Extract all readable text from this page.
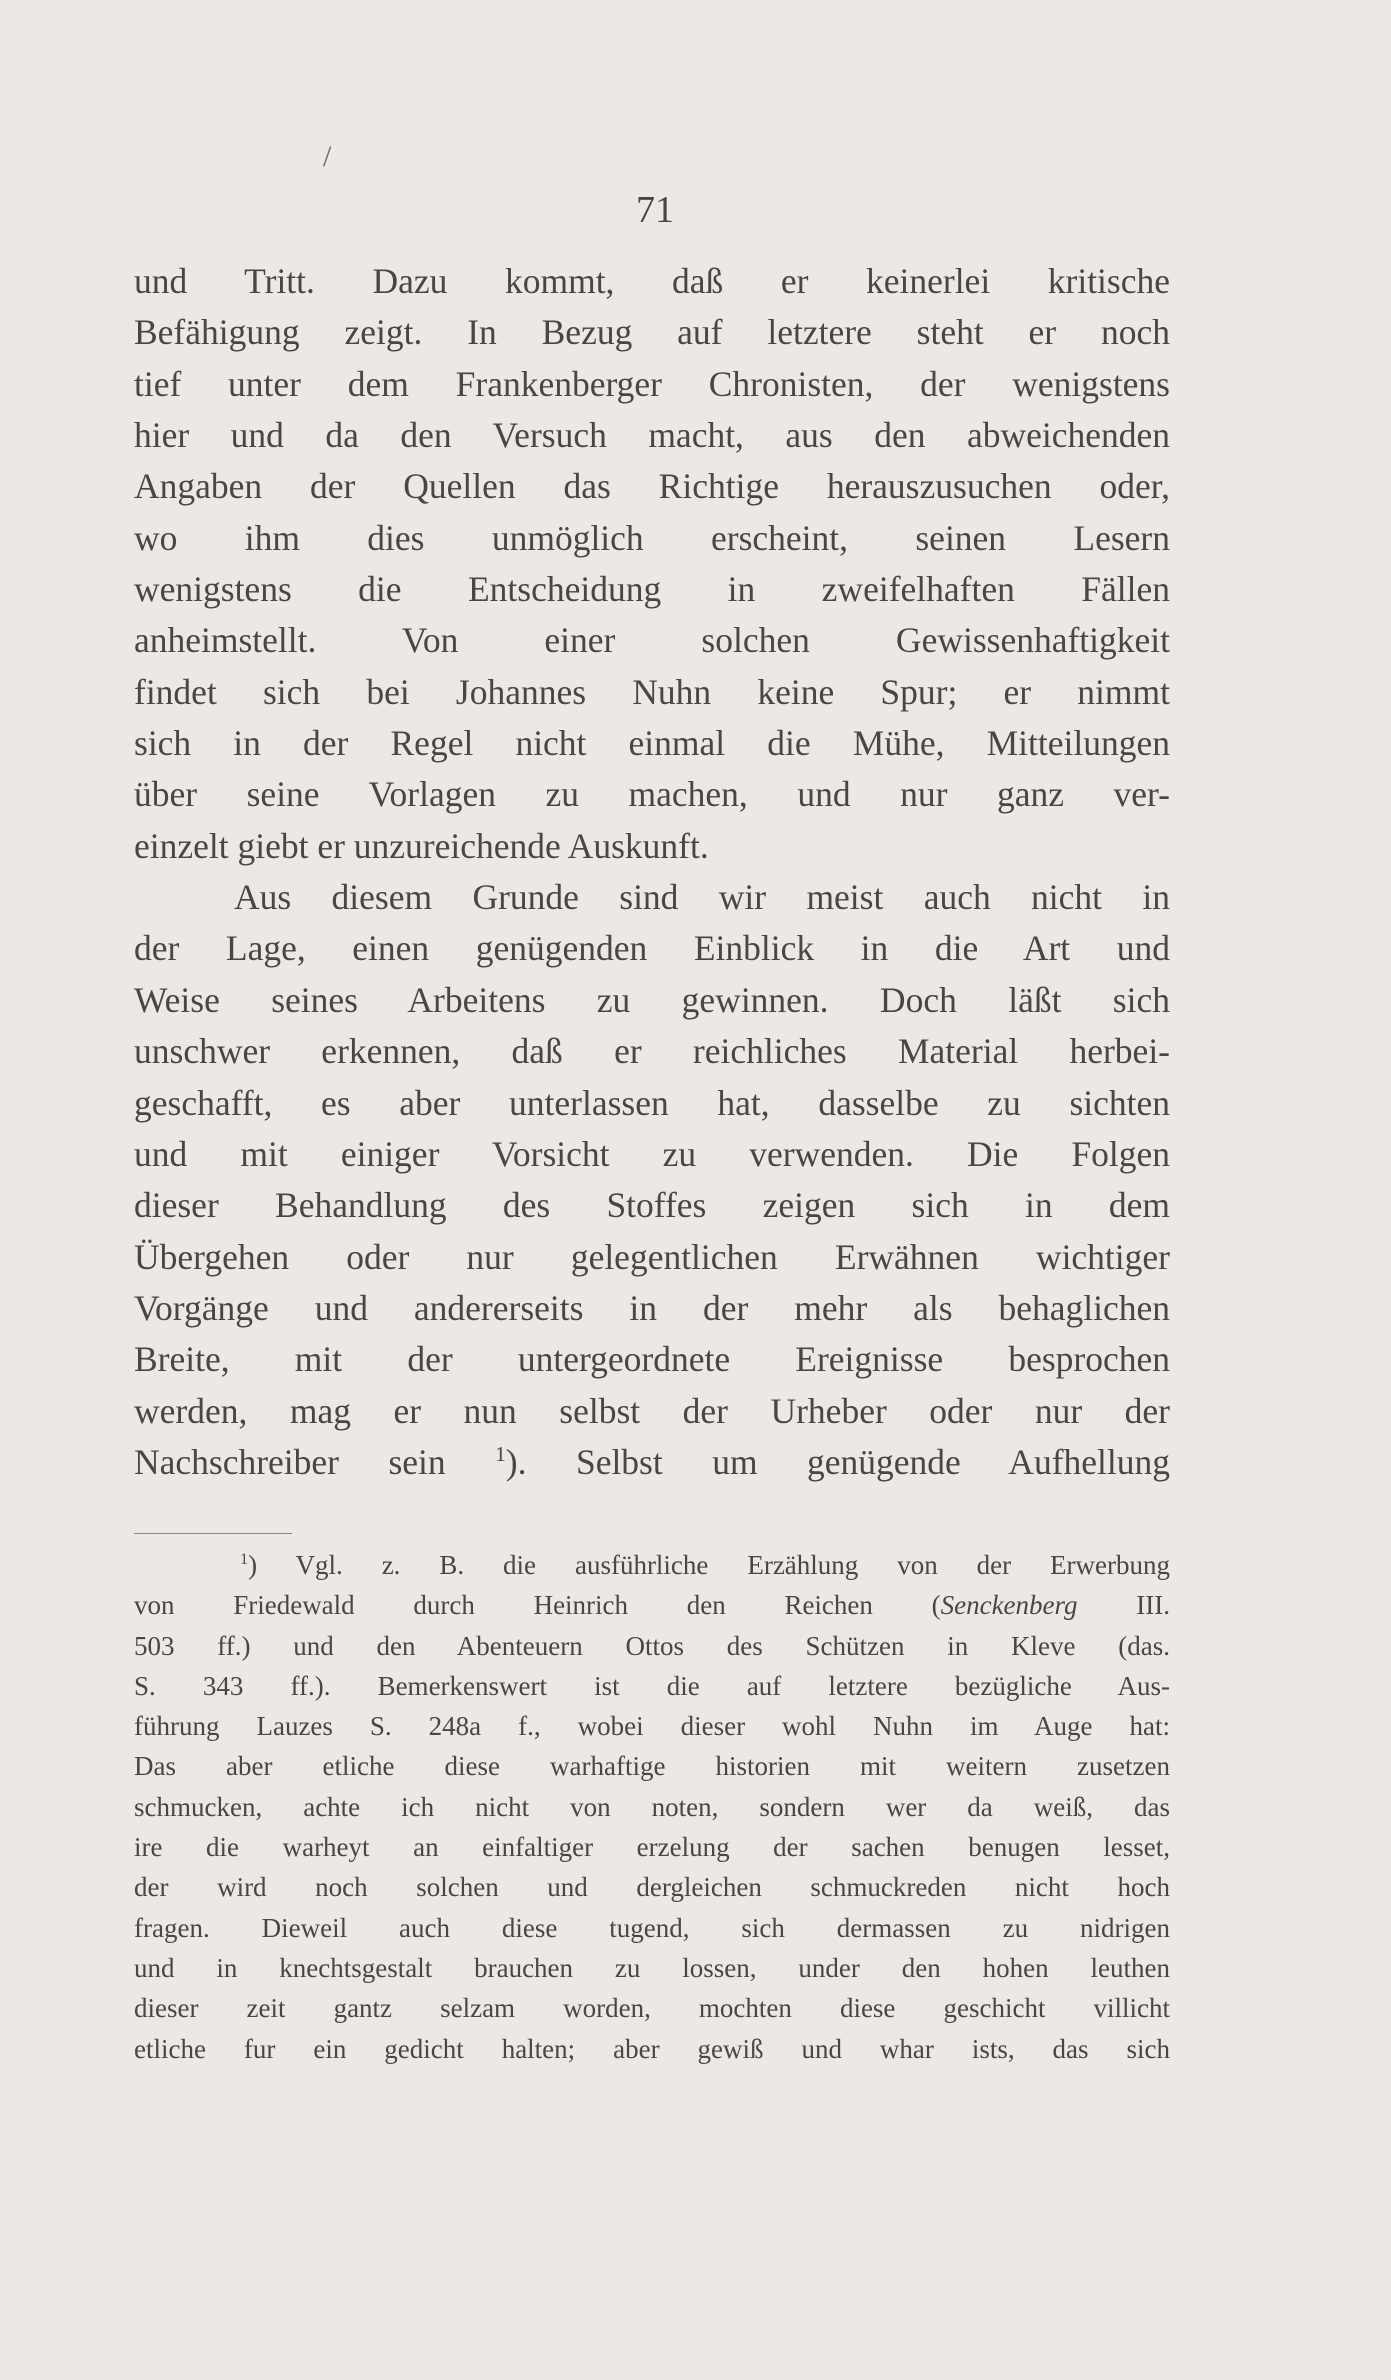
/
71
und Tritt. Dazu kommt, daß er keinerlei kritische
Befähigung zeigt. In Bezug auf letztere steht er noch
tief unter dem Frankenberger Chronisten, der wenigstens
hier und da den Versuch macht, aus den abweichenden
Angaben der Quellen das Richtige herauszusuchen oder,
wo ihm dies unmöglich erscheint, seinen Lesern
wenigstens die Entscheidung in zweifelhaften Fällen
anheimstellt. Von einer solchen Gewissenhaftigkeit
findet sich bei Johannes Nuhn keine Spur; er nimmt
sich in der Regel nicht einmal die Mühe, Mitteilungen
über seine Vorlagen zu machen, und nur ganz ver-
einzelt giebt er unzureichende Auskunft.
Aus diesem Grunde sind wir meist auch nicht in
der Lage, einen genügenden Einblick in die Art und
Weise seines Arbeitens zu gewinnen. Doch läßt sich
unschwer erkennen, daß er reichliches Material herbei-
geschafft, es aber unterlassen hat, dasselbe zu sichten
und mit einiger Vorsicht zu verwenden. Die Folgen
dieser Behandlung des Stoffes zeigen sich in dem
Übergehen oder nur gelegentlichen Erwähnen wichtiger
Vorgänge und andererseits in der mehr als behaglichen
Breite, mit der untergeordnete Ereignisse besprochen
werden, mag er nun selbst der Urheber oder nur der
Nachschreiber sein $^1$). Selbst um genügende Aufhellung
$^1$) Vgl. z. B. die ausführliche Erzählung von der Erwerbung
von Friedewald durch Heinrich den Reichen (Senckenberg III.
503 ff.) und den Abenteuern Ottos des Schützen in Kleve (das.
S. 343 ff.). Bemerkenswert ist die auf letztere bezügliche Aus-
führung Lauzes S. 248a f., wobei dieser wohl Nuhn im Auge hat:
Das aber etliche diese warhaftige historien mit weitern zusetzen
schmucken, achte ich nicht von noten, sondern wer da weiß, das
ire die warheyt an einfaltiger erzelung der sachen benugen lesset,
der wird noch solchen und dergleichen schmuckreden nicht hoch
fragen. Dieweil auch diese tugend, sich dermassen zu nidrigen
und in knechtsgestalt brauchen zu lossen, under den hohen leuthen
dieser zeit gantz selzam worden, mochten diese geschicht villicht
etliche fur ein gedicht halten; aber gewiß und whar ists, das sich
